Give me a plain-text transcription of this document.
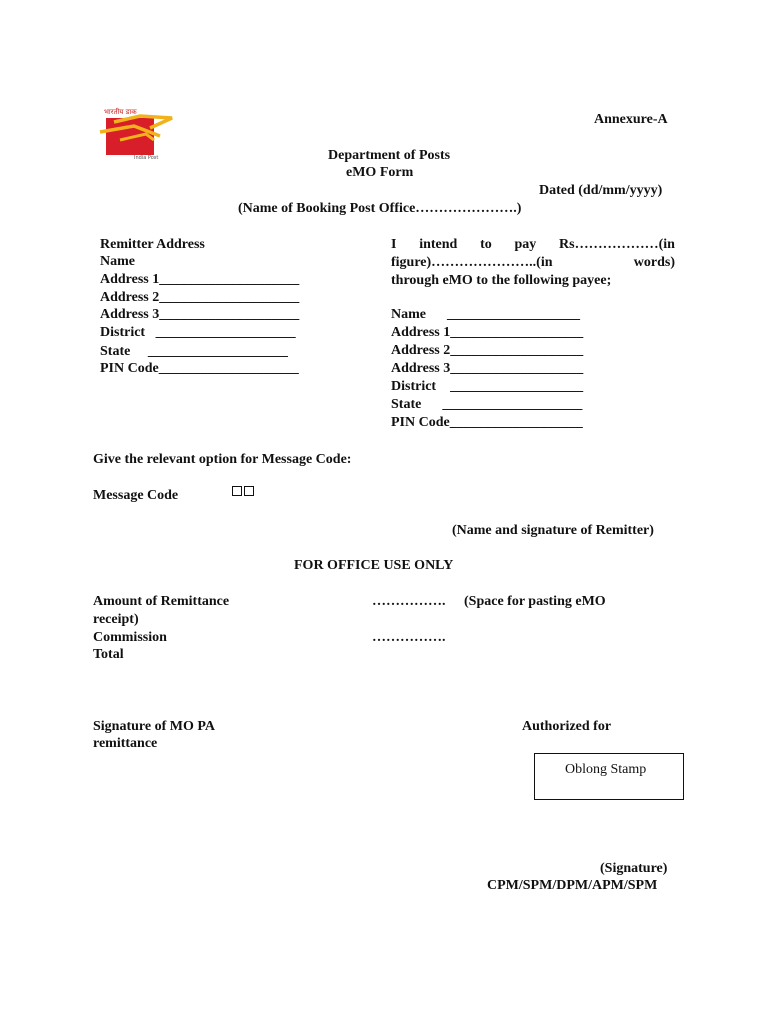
भारतीय डाक
India Post
Annexure-A
Department of Posts
eMO Form
Dated (dd/mm/yyyy)
(Name of Booking Post Office………………….)
Remitter Address
Name
Address 1____________________
Address 2____________________
Address 3____________________
District   ____________________
State     ____________________
PIN Code____________________
I intend to pay Rs………………(in
figure)…………………..(in	words)
through eMO to the following payee;
Name      ___________________
Address 1___________________
Address 2___________________
Address 3___________________
District    ___________________
State      ____________________
PIN Code___________________
Give the relevant option for Message Code:
Message Code
(Name and signature of Remitter)
FOR OFFICE USE ONLY
Amount of Remittance	……………. (Space for pasting eMO
receipt)
Commission	…………….
Total
Signature of MO PA
remittance
Authorized for
Oblong Stamp
(Signature)
CPM/SPM/DPM/APM/SPM
